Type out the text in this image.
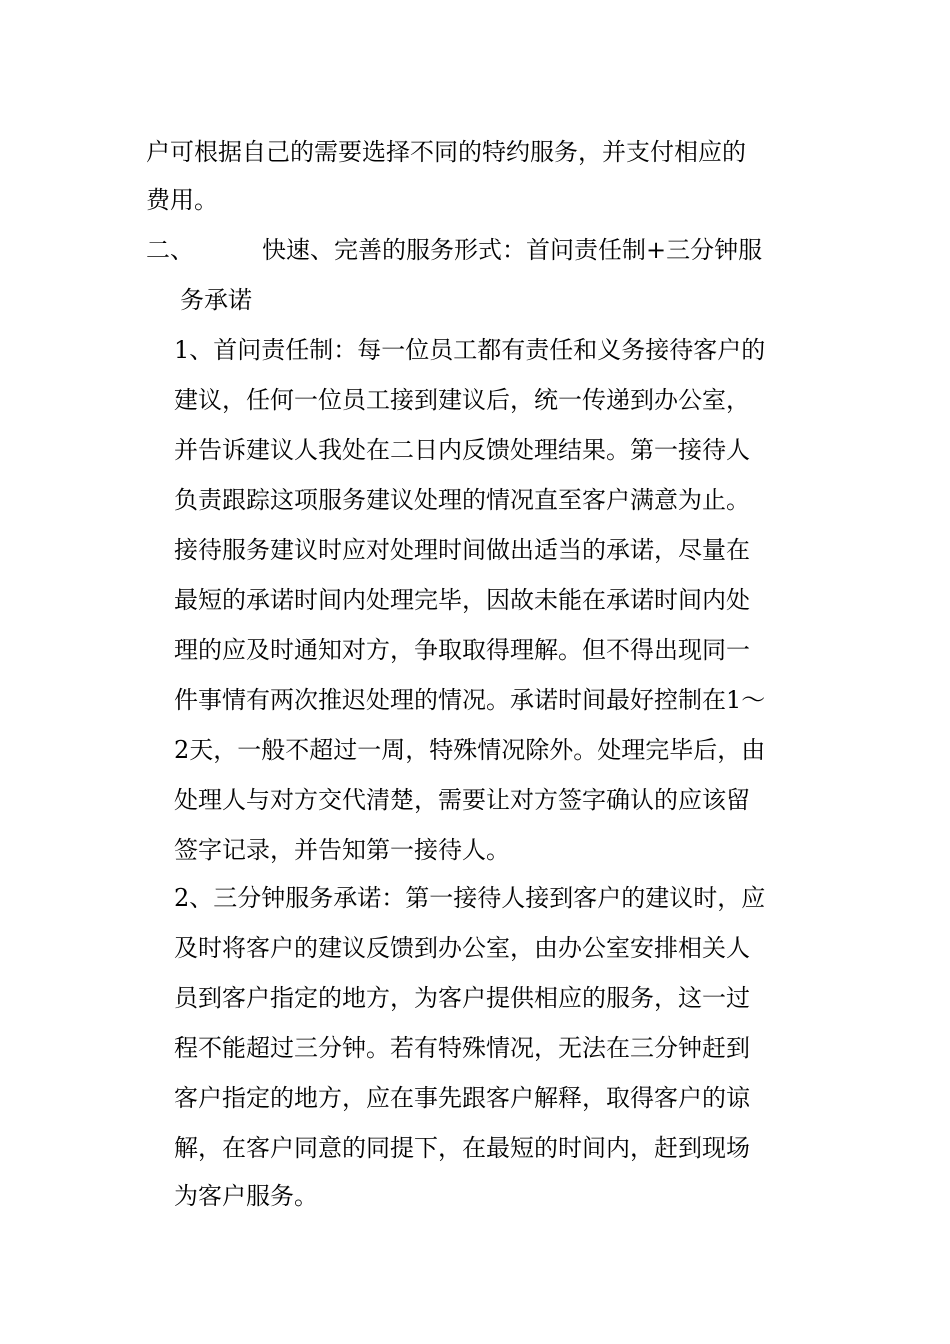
户可根据自己的需要选择不同的特约服务，并支付相应的
费用。
二、	快速、完善的服务形式：首问责任制+三分钟服
务承诺
1、首问责任制：每一位员工都有责任和义务接待客户的
建议，任何一位员工接到建议后，统一传递到办公室，
并告诉建议人我处在二日内反馈处理结果。第一接待人
负责跟踪这项服务建议处理的情况直至客户满意为止。
接待服务建议时应对处理时间做出适当的承诺，尽量在
最短的承诺时间内处理完毕，因故未能在承诺时间内处
理的应及时通知对方，争取取得理解。但不得出现同一
件事情有两次推迟处理的情况。承诺时间最好控制在1～
2天，一般不超过一周，特殊情况除外。处理完毕后，由
处理人与对方交代清楚，需要让对方签字确认的应该留
签字记录，并告知第一接待人。
2、三分钟服务承诺：第一接待人接到客户的建议时，应
及时将客户的建议反馈到办公室，由办公室安排相关人
员到客户指定的地方，为客户提供相应的服务，这一过
程不能超过三分钟。若有特殊情况，无法在三分钟赶到
客户指定的地方，应在事先跟客户解释，取得客户的谅
解，在客户同意的同提下，在最短的时间内，赶到现场
为客户服务。
